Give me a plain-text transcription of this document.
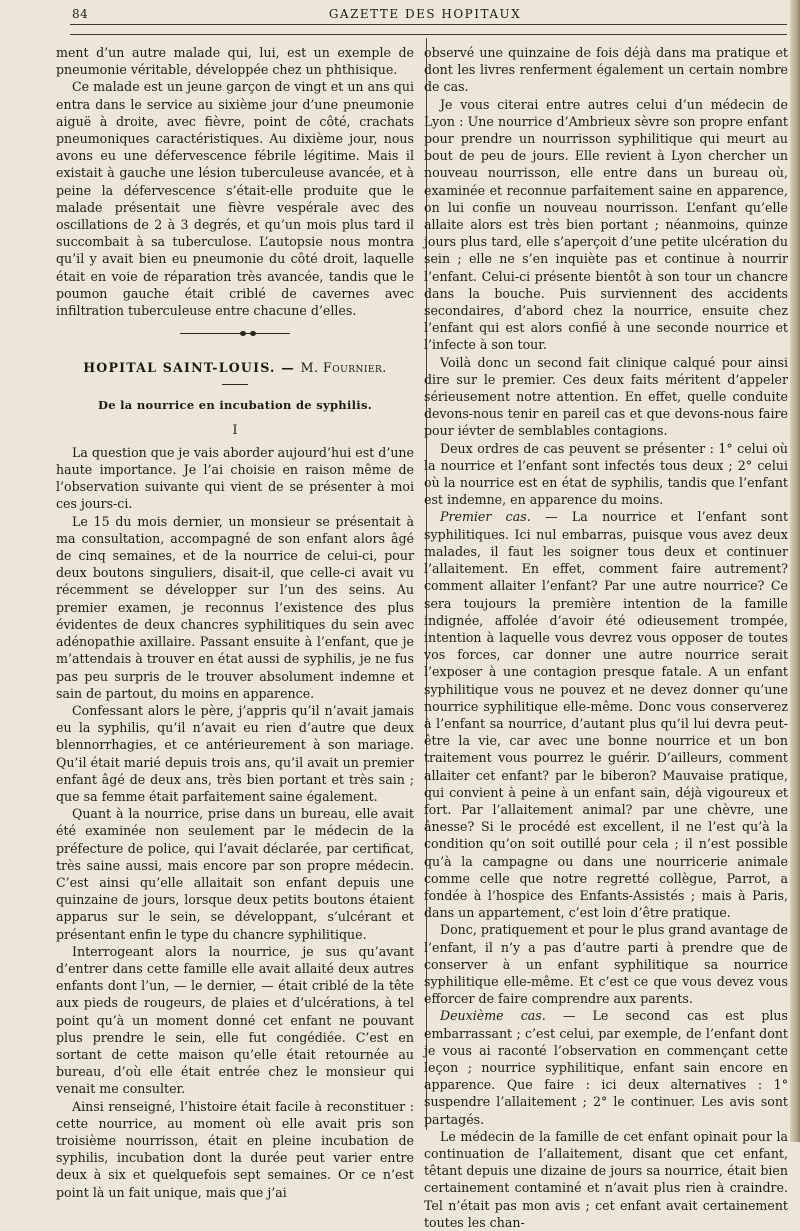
84	GAZETTE DES HOPITAUX

ment d’un autre malade qui, lui, est un exemple de pneumonie véritable, développée chez un phthisique.

Ce malade est un jeune garçon de vingt et un ans qui entra dans le service au sixième jour d’une pneumonie aiguë à droite, avec fièvre, point de côté, crachats pneumoniques caractéristiques. Au dixième jour, nous avons eu une défervescence fébrile légitime. Mais il existait à gauche une lésion tuberculeuse avancée, et à peine la défervescence s’était-elle produite que le malade présentait une fièvre vespérale avec des oscillations de 2 à 3 degrés, et qu’un mois plus tard il succombait à sa tuberculose. L’autopsie nous montra qu’il y avait bien eu pneumonie du côté droit, laquelle était en voie de réparation très avancée, tandis que le poumon gauche était criblé de cavernes avec infiltration tuberculeuse entre chacune d’elles.

HOPITAL SAINT-LOUIS. — M. Fournier.
De la nourrice en incubation de syphilis.
I

La question que je vais aborder aujourd’hui est d’une haute importance. Je l’ai choisie en raison même de l’observation suivante qui vient de se présenter à moi ces jours-ci.

Le 15 du mois dernier, un monsieur se présentait à ma consultation, accompagné de son enfant alors âgé de cinq semaines, et de la nourrice de celui-ci, pour deux boutons singuliers, disait-il, que celle-ci avait vu récemment se développer sur l’un des seins. Au premier examen, je reconnus l’existence des plus évidentes de deux chancres syphilitiques du sein avec adénopathie axillaire. Passant ensuite à l’enfant, que je m’attendais à trouver en état aussi de syphilis, je ne fus pas peu surpris de le trouver absolument indemne et sain de partout, du moins en apparence.

Confessant alors le père, j’appris qu’il n’avait jamais eu la syphilis, qu’il n’avait eu rien d’autre que deux blennorrhagies, et ce antérieurement à son mariage. Qu’il était marié depuis trois ans, qu’il avait un premier enfant âgé de deux ans, très bien portant et très sain ; que sa femme était parfaitement saine également.

Quant à la nourrice, prise dans un bureau, elle avait été examinée non seulement par le médecin de la préfecture de police, qui l’avait déclarée, par certificat, très saine aussi, mais encore par son propre médecin. C’est ainsi qu’elle allaitait son enfant depuis une quinzaine de jours, lorsque deux petits boutons étaient apparus sur le sein, se développant, s’ulcérant et présentant enfin le type du chancre syphilitique.

Interrogeant alors la nourrice, je sus qu’avant d’entrer dans cette famille elle avait allaité deux autres enfants dont l’un, — le dernier, — était criblé de la tête aux pieds de rougeurs, de plaies et d’ulcérations, à tel point qu’à un moment donné cet enfant ne pouvant plus prendre le sein, elle fut congédiée. C’est en sortant de cette maison qu’elle était retournée au bureau, d’où elle était entrée chez le monsieur qui venait me consulter.

Ainsi renseigné, l’histoire était facile à reconstituer : cette nourrice, au moment où elle avait pris son troisième nourrisson, était en pleine incubation de syphilis, incubation dont la durée peut varier entre deux à six et quelquefois sept semaines. Or ce n’est point là un fait unique, mais que j’ai

observé une quinzaine de fois déjà dans ma pratique et dont les livres renferment également un certain nombre de cas.

Je vous citerai entre autres celui d’un médecin de Lyon : Une nourrice d’Ambrieux sèvre son propre enfant pour prendre un nourrisson syphilitique qui meurt au bout de peu de jours. Elle revient à Lyon chercher un nouveau nourrisson, elle entre dans un bureau où, examinée et reconnue parfaitement saine en apparence, on lui confie un nouveau nourrisson. L’enfant qu’elle allaite alors est très bien portant ; néanmoins, quinze jours plus tard, elle s’aperçoit d’une petite ulcération du sein ; elle ne s’en inquiète pas et continue à nourrir l’enfant. Celui-ci présente bientôt à son tour un chancre dans la bouche. Puis surviennent des accidents secondaires, d’abord chez la nourrice, ensuite chez l’enfant qui est alors confié à une seconde nourrice et l’infecte à son tour.

Voilà donc un second fait clinique calqué pour ainsi dire sur le premier. Ces deux faits méritent d’appeler sérieusement notre attention. En effet, quelle conduite devons-nous tenir en pareil cas et que devons-nous faire pour iévter de semblables contagions.

Deux ordres de cas peuvent se présenter : 1° celui où la nourrice et l’enfant sont infectés tous deux ; 2° celui où la nourrice est en état de syphilis, tandis que l’enfant est indemne, en apparence du moins.

Premier cas. — La nourrice et l’enfant sont syphilitiques. Ici nul embarras, puisque vous avez deux malades, il faut les soigner tous deux et continuer l’allaitement. En effet, comment faire autrement? comment allaiter l’enfant? Par une autre nourrice? Ce sera toujours la première intention de la famille indignée, affolée d’avoir été odieusement trompée, intention à laquelle vous devrez vous opposer de toutes vos forces, car donner une autre nourrice serait l’exposer à une contagion presque fatale. A un enfant syphilitique vous ne pouvez et ne devez donner qu’une nourrice syphilitique elle-même. Donc vous conserverez à l’enfant sa nourrice, d’autant plus qu’il lui devra peut-être la vie, car avec une bonne nourrice et un bon traitement vous pourrez le guérir. D’ailleurs, comment allaiter cet enfant? par le biberon? Mauvaise pratique, qui convient à peine à un enfant sain, déjà vigoureux et fort. Par l’allaitement animal? par une chèvre, une ânesse? Si le procédé est excellent, il ne l’est qu’à la condition qu’on soit outillé pour cela ; il n’est possible qu’à la campagne ou dans une nourricerie animale comme celle que notre regretté collègue, Parrot, a fondée à l’hospice des Enfants-Assistés ; mais à Paris, dans un appartement, c’est loin d’être pratique.

Donc, pratiquement et pour le plus grand avantage de l’enfant, il n’y a pas d’autre parti à prendre que de conserver à un enfant syphilitique sa nourrice syphilitique elle-même. Et c’est ce que vous devez vous efforcer de faire comprendre aux parents.

Deuxième cas. — Le second cas est plus embarrassant ; c’est celui, par exemple, de l’enfant dont je vous ai raconté l’observation en commençant cette leçon ; nourrice syphilitique, enfant sain encore en apparence. Que faire : ici deux alternatives : 1° suspendre l’allaitement ; 2° le continuer. Les avis sont partagés.

Le médecin de la famille de cet enfant opinait pour la continuation de l’allaitement, disant que cet enfant, têtant depuis une dizaine de jours sa nourrice, était bien certainement contaminé et n’avait plus rien à craindre. Tel n’était pas mon avis ; cet enfant avait certainement toutes les chan-
